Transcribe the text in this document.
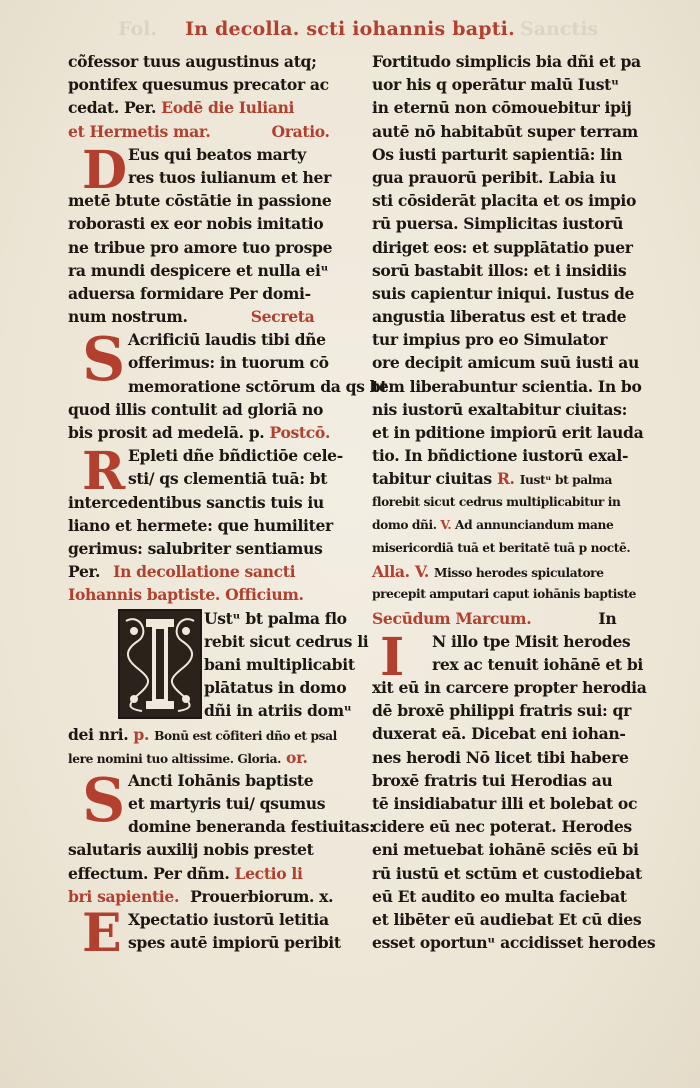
Fol.	Sanctis
In decolla. scti iohannis bapti.
cõfessor tuus augustinus atq;
pontifex quesumus precator ac
cedat. Per. Eodē die Iuliani
et Hermetis mar.	Oratio.
D Eus qui beatos marty
res tuos iulianum et her
metē btute cōstātie in passione
roborasti ex eor nobis imitatio
ne tribue pro amore tuo prospe
ra mundi despicere et nulla eiᵘ
aduersa formidare Per domi-
num nostrum.	Secreta
S Acrificiū laudis tibi dñe
offerimus: in tuorum cō
memoratione sctōrum da qs bt
quod illis contulit ad gloriā no
bis prosit ad medelā. p. Postcō.
R Epleti dñe bñdictiōe cele-
sti/ qs clementiā tuā: bt
intercedentibus sanctis tuis iu
liano et hermete: que humiliter
gerimus: salubriter sentiamus
Per. In decollatione sancti
Iohannis baptiste. Officium.
Ustᵘ bt palma flo
rebit sicut cedrus li
bani multiplicabit
plātatus in domo
dñi in atriis domᵘ
dei nri. p. Bonū est cōfiteri dño et psal
lere nomini tuo altissime. Gloria. or.
S Ancti Iohānis baptiste
et martyris tui/ qsumus
domine beneranda festiuitas:
salutaris auxilij nobis prestet
effectum. Per dñm. Lectio li
bri sapientie. Prouerbiorum. x.
E Xpectatio iustorū letitia
spes autē impiorū peribit
Fortitudo simplicis bia dñi et pa
uor his q operātur malū Iustᵘ
in eternū non cōmouebitur ipij
autē nō habitabūt super terram
Os iusti parturit sapientiā: lin
gua prauorū peribit. Labia iu
sti cōsiderāt placita et os impio
rū puersa. Simplicitas iustorū
diriget eos: et supplātatio puer
sorū bastabit illos: et i insidiis
suis capientur iniqui. Iustus de
angustia liberatus est et trade
tur impius pro eo Simulator
ore decipit amicum suū iusti au
tem liberabuntur scientia. In bo
nis iustorū exaltabitur ciuitas:
et in pditione impiorū erit lauda
tio. In bñdictione iustorū exal-
tabitur ciuitas R. Iustᵘ bt palma
florebit sicut cedrus multiplicabitur in
domo dñi. V. Ad annunciandum mane
misericordiā tuā et beritatē tuā p noctē.
Alla. V. Misso herodes spiculatore
precepit amputari caput iohānis baptiste
Secūdum Marcum.	In
I	N illo tpe Misit herodes
rex ac tenuit iohānē et bi
xit eū in carcere propter herodia
dē broxē philippi fratris sui: qr
duxerat eā. Dicebat eni iohan-
nes herodi Nō licet tibi habere
broxē fratris tui Herodias au
tē insidiabatur illi et bolebat oc
cidere eū nec poterat. Herodes
eni metuebat iohānē sciēs eū bi
rū iustū et sctūm et custodiebat
eū Et audito eo multa faciebat
et libēter eū audiebat Et cū dies
esset oportunᵘ accidisset herodes
